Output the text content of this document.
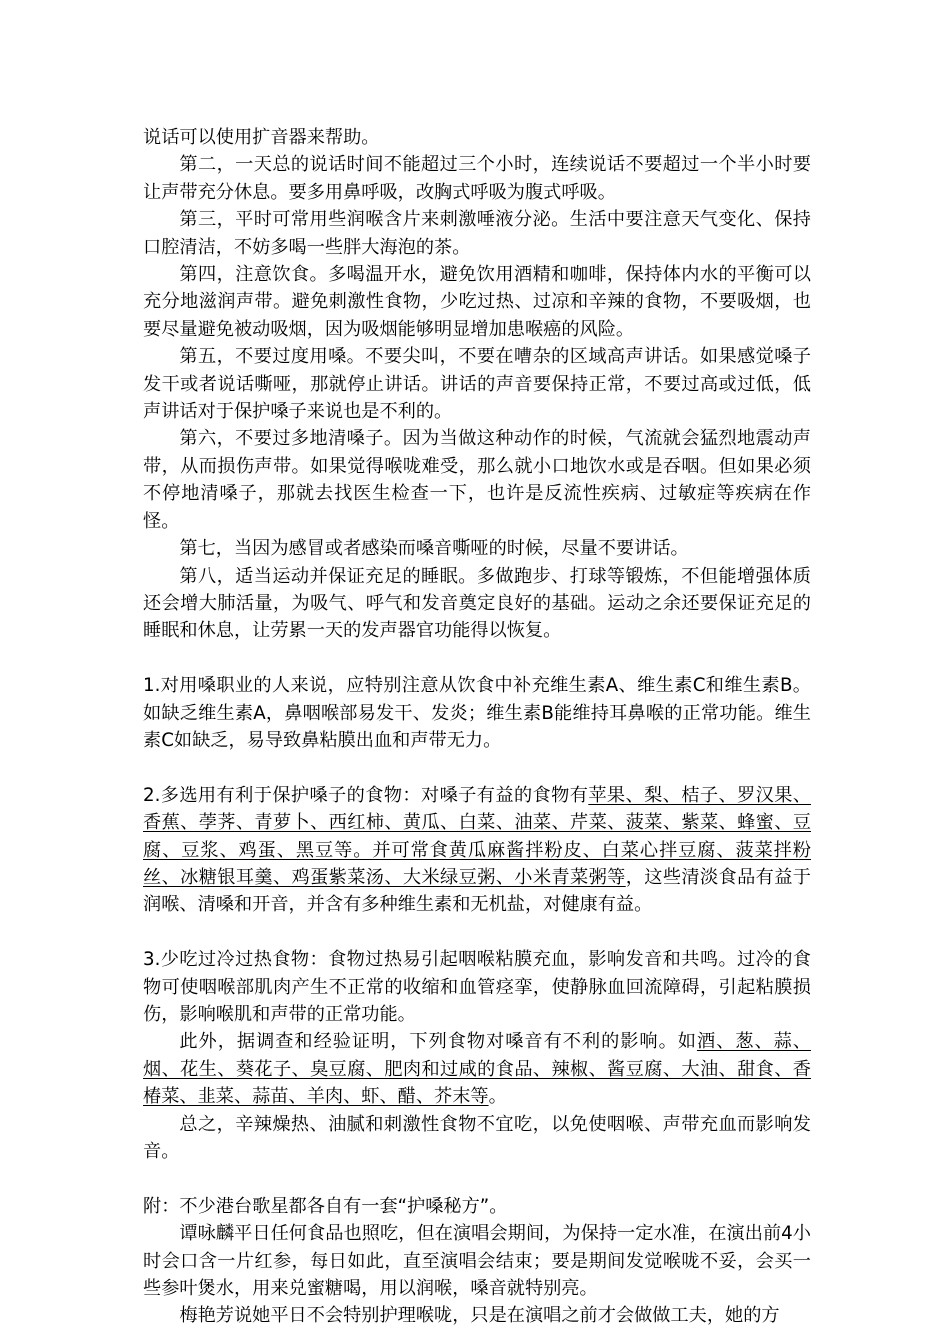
说话可以使用扩音器来帮助。

第二，一天总的说话时间不能超过三个小时，连续说话不要超过一个半小时要让声带充分休息。要多用鼻呼吸，改胸式呼吸为腹式呼吸。

第三，平时可常用些润喉含片来刺激唾液分泌。生活中要注意天气变化、保持口腔清洁，不妨多喝一些胖大海泡的茶。

第四，注意饮食。多喝温开水，避免饮用酒精和咖啡，保持体内水的平衡可以充分地滋润声带。避免刺激性食物，少吃过热、过凉和辛辣的食物，不要吸烟，也要尽量避免被动吸烟，因为吸烟能够明显增加患喉癌的风险。

第五，不要过度用嗓。不要尖叫，不要在嘈杂的区域高声讲话。如果感觉嗓子发干或者说话嘶哑，那就停止讲话。讲话的声音要保持正常，不要过高或过低，低声讲话对于保护嗓子来说也是不利的。

第六，不要过多地清嗓子。因为当做这种动作的时候，气流就会猛烈地震动声带，从而损伤声带。如果觉得喉咙难受，那么就小口地饮水或是吞咽。但如果必须不停地清嗓子，那就去找医生检查一下，也许是反流性疾病、过敏症等疾病在作怪。

第七，当因为感冒或者感染而嗓音嘶哑的时候，尽量不要讲话。

第八，适当运动并保证充足的睡眠。多做跑步、打球等锻炼，不但能增强体质还会增大肺活量，为吸气、呼气和发音奠定良好的基础。运动之余还要保证充足的睡眠和休息，让劳累一天的发声器官功能得以恢复。

1.对用嗓职业的人来说，应特别注意从饮食中补充维生素A、维生素C和维生素B。如缺乏维生素A，鼻咽喉部易发干、发炎；维生素B能维持耳鼻喉的正常功能。维生素C如缺乏，易导致鼻粘膜出血和声带无力。

2.多选用有利于保护嗓子的食物：对嗓子有益的食物有苹果、梨、桔子、罗汉果、香蕉、荸荠、青萝卜、西红柿、黄瓜、白菜、油菜、芹菜、菠菜、紫菜、蜂蜜、豆腐、豆浆、鸡蛋、黑豆等。并可常食黄瓜麻酱拌粉皮、白菜心拌豆腐、菠菜拌粉丝、冰糖银耳羹、鸡蛋紫菜汤、大米绿豆粥、小米青菜粥等，这些清淡食品有益于润喉、清嗓和开音，并含有多种维生素和无机盐，对健康有益。

3.少吃过冷过热食物：食物过热易引起咽喉粘膜充血，影响发音和共鸣。过冷的食物可使咽喉部肌肉产生不正常的收缩和血管痉挛，使静脉血回流障碍，引起粘膜损伤，影响喉肌和声带的正常功能。

此外，据调查和经验证明，下列食物对嗓音有不利的影响。如酒、葱、蒜、烟、花生、葵花子、臭豆腐、肥肉和过咸的食品、辣椒、酱豆腐、大油、甜食、香椿菜、韭菜、蒜苗、羊肉、虾、醋、芥末等。

总之，辛辣燥热、油腻和刺激性食物不宜吃，以免使咽喉、声带充血而影响发音。

附：不少港台歌星都各自有一套“护嗓秘方”。

谭咏麟平日任何食品也照吃，但在演唱会期间，为保持一定水准，在演出前4小时会口含一片红参，每日如此，直至演唱会结束；要是期间发觉喉咙不妥，会买一些参叶煲水，用来兑蜜糖喝，用以润喉，嗓音就特别亮。

梅艳芳说她平日不会特别护理喉咙，只是在演唱之前才会做做工夫，她的方
